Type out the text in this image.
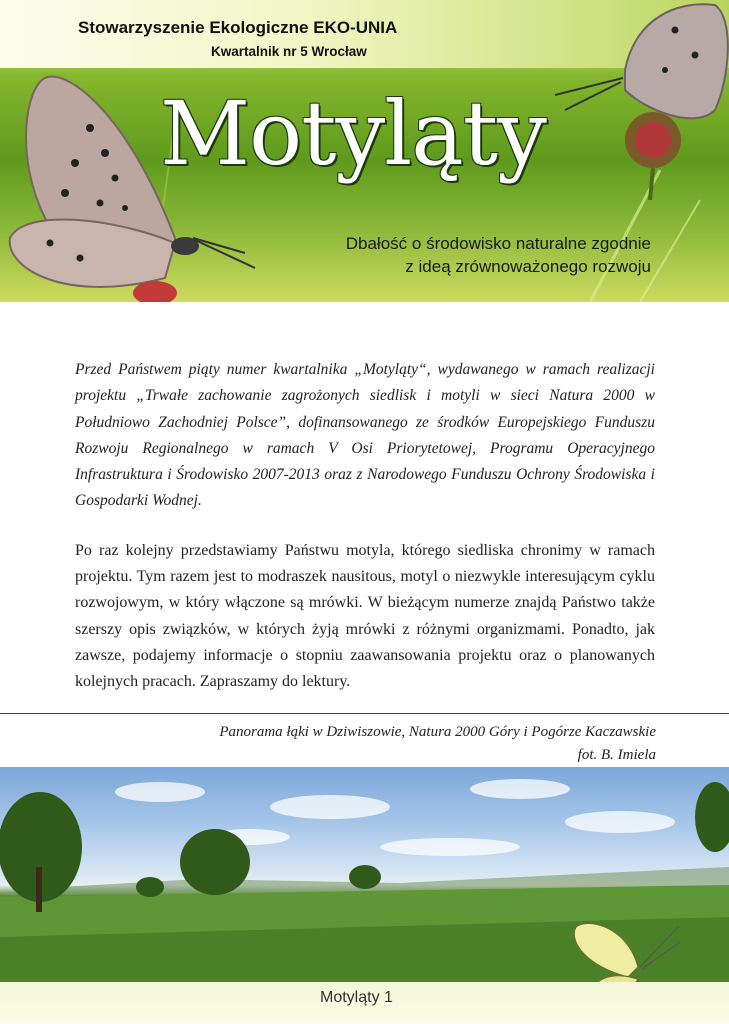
Stowarzyszenie Ekologiczne EKO-UNIA
Kwartalnik nr 5 Wrocław
Motyląty
Dbałość o środowisko naturalne zgodnie
z ideą zrównoważonego rozwoju
Przed Państwem piąty numer kwartalnika „Motyląty“, wydawanego w ramach realizacji projektu „Trwałe zachowanie zagrożonych siedlisk i motyli w sieci Natura 2000 w Południowo Zachodniej Polsce”, dofinansowanego ze środków Europejskiego Funduszu Rozwoju Regionalnego w ramach V Osi Priorytetowej, Programu Operacyjnego Infrastruktura i Środowisko 2007-2013 oraz z Narodowego Funduszu Ochrony Środowiska i Gospodarki Wodnej.
Po raz kolejny przedstawiamy Państwu motyla, którego siedliska chronimy w ramach projektu. Tym razem jest to modraszek nausitous, motyl o niezwykle interesującym cyklu rozwojowym, w który włączone są mrówki. W bieżącym numerze znajdą Państwo także szerszy opis związków, w których żyją mrówki z różnymi organizmami. Ponadto, jak zawsze, podajemy informacje o stopniu zaawansowania projektu oraz o planowanych kolejnych pracach. Zapraszamy do lektury.
Panorama łąki w Dziwiszowie, Natura 2000 Góry i Pogórze Kaczawskie
fot. B. Imiela
Motyląty 1
